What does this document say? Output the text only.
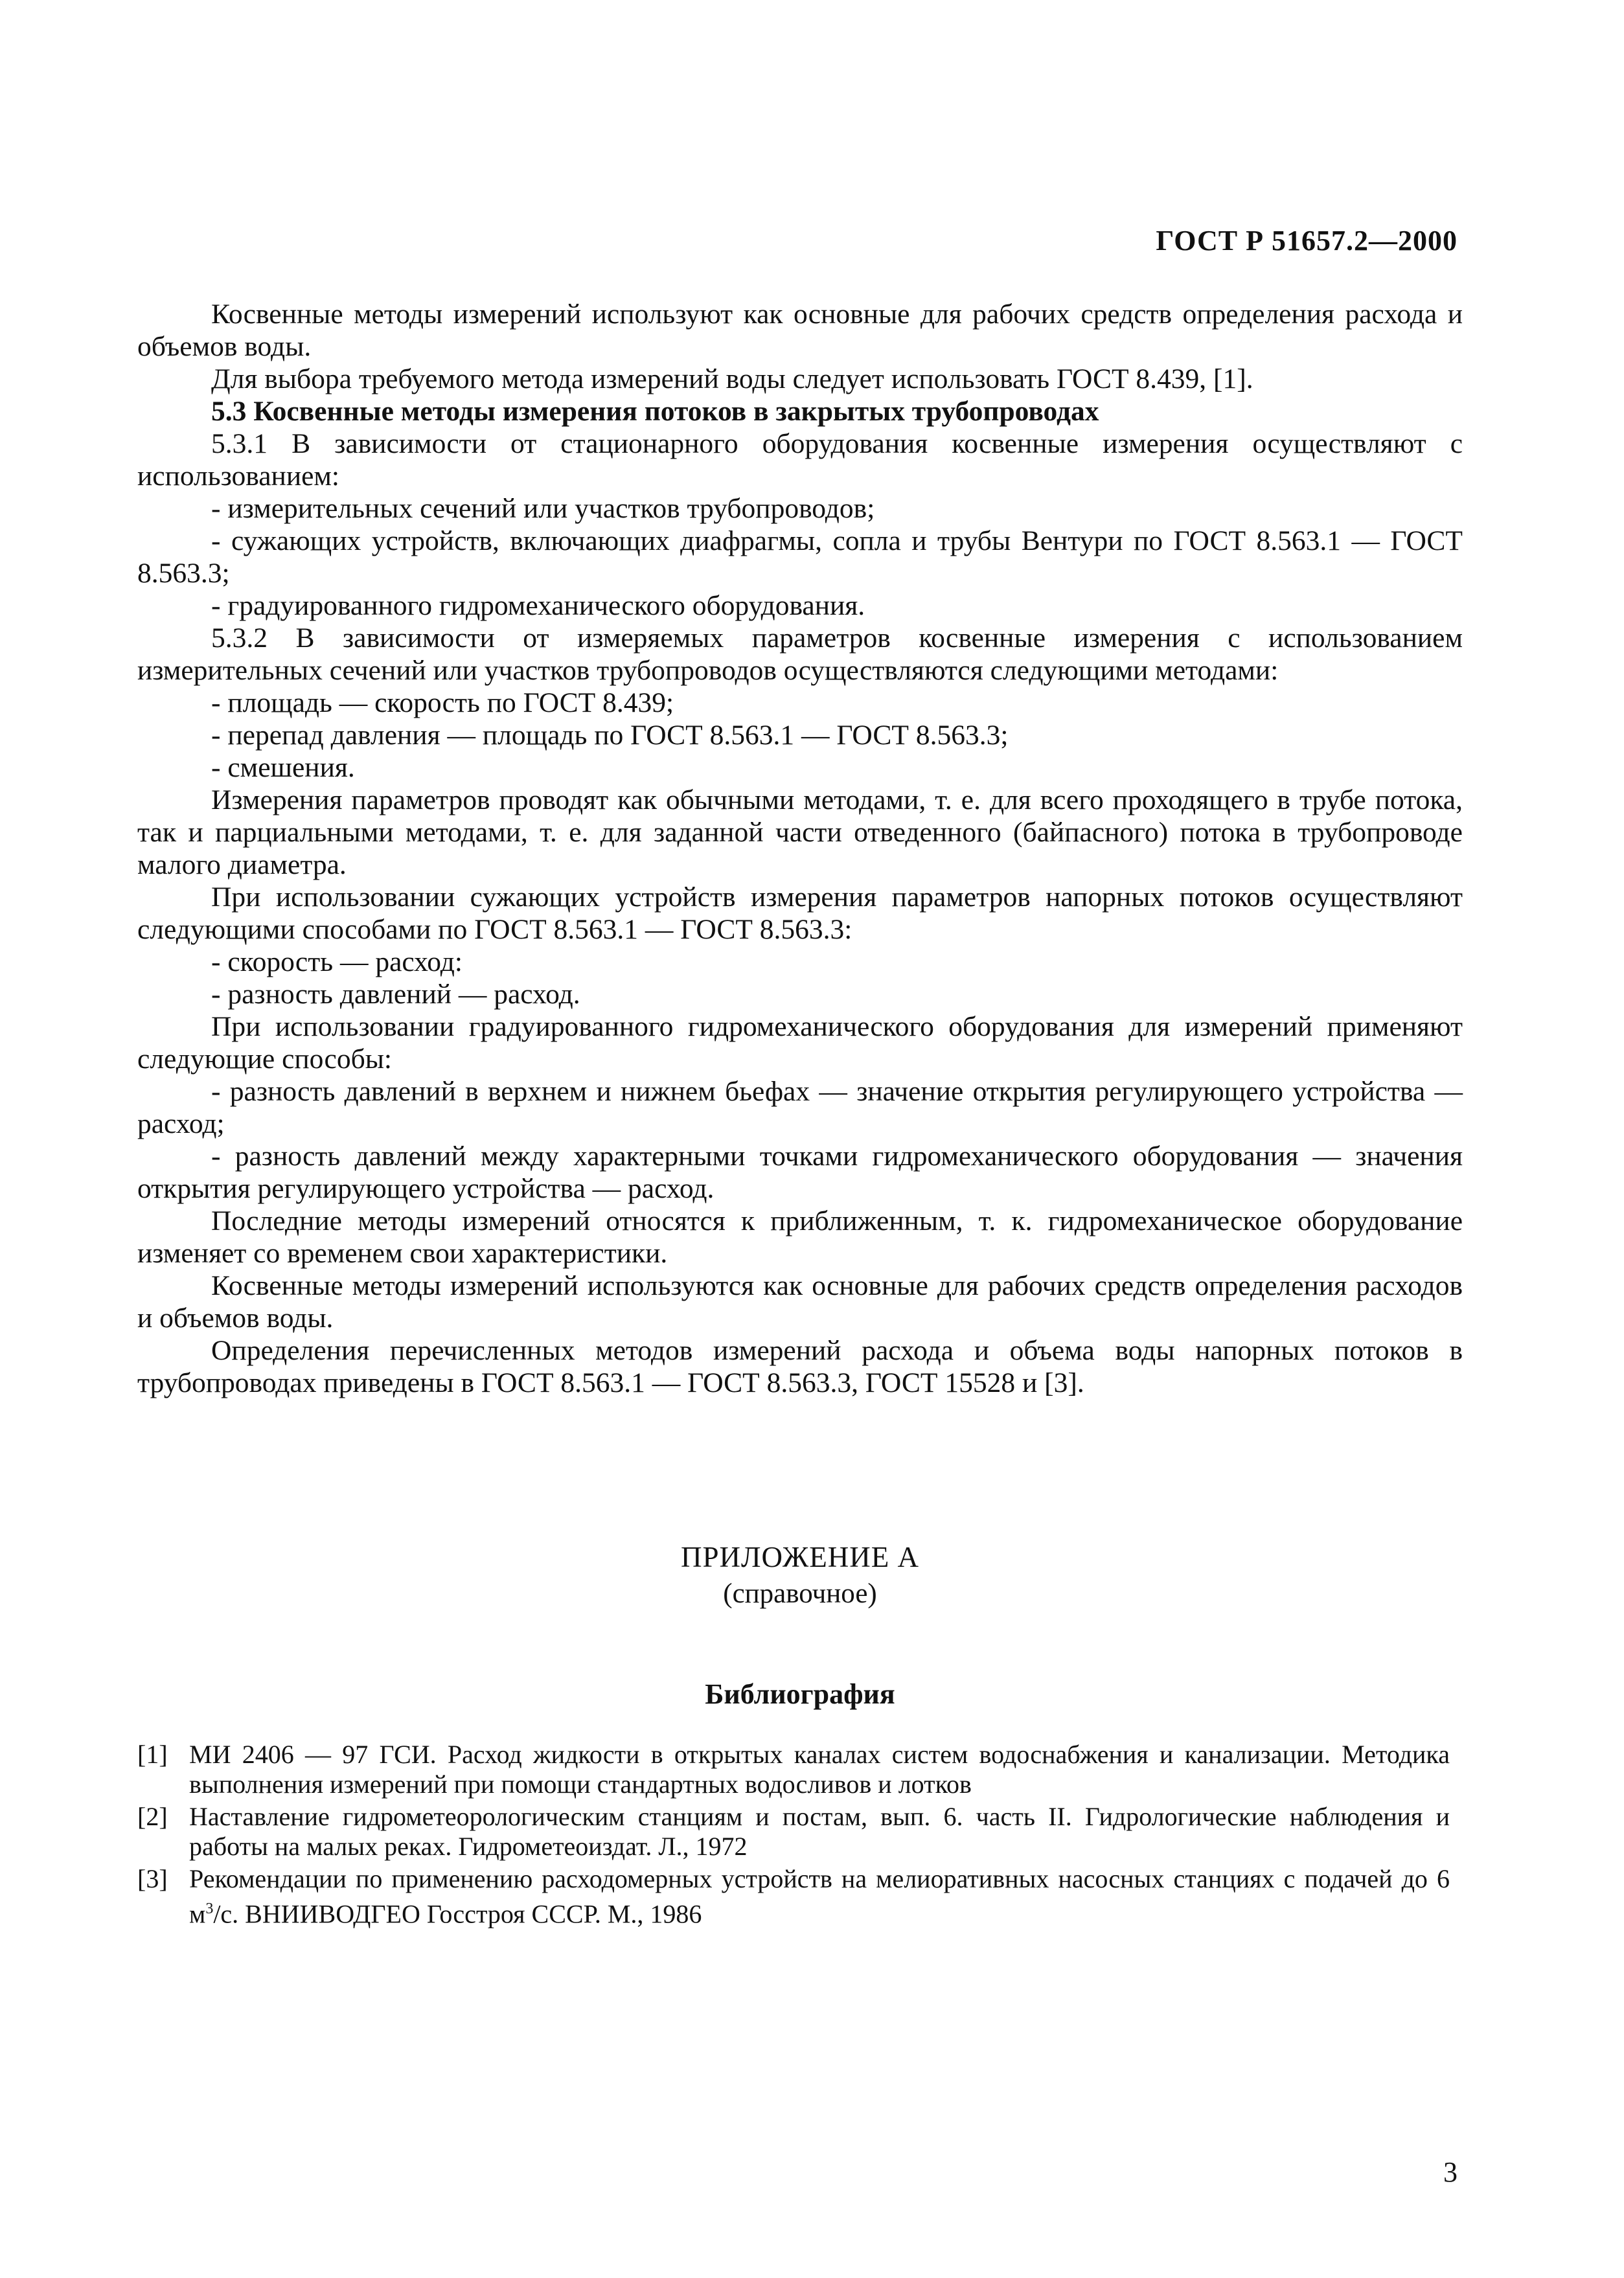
ГОСТ Р 51657.2—2000

Косвенные методы измерений используют как основные для рабочих средств определения расхода и объемов воды.

Для выбора требуемого метода измерений воды следует использовать ГОСТ 8.439, [1].

5.3 Косвенные методы измерения потоков в закрытых трубопроводах

5.3.1 В зависимости от стационарного оборудования косвенные измерения осуществляют с использованием:

- измерительных сечений или участков трубопроводов;

- сужающих устройств, включающих диафрагмы, сопла и трубы Вентури по ГОСТ 8.563.1 — ГОСТ 8.563.3;

- градуированного гидромеханического оборудования.

5.3.2 В зависимости от измеряемых параметров косвенные измерения с использованием измерительных сечений или участков трубопроводов осуществляются следующими методами:

- площадь — скорость по ГОСТ 8.439;

- перепад давления — площадь по ГОСТ 8.563.1 — ГОСТ 8.563.3;

- смешения.

Измерения параметров проводят как обычными методами, т. е. для всего проходящего в трубе потока, так и парциальными методами, т. е. для заданной части отведенного (байпасного) потока в трубопроводе малого диаметра.

При использовании сужающих устройств измерения параметров напорных потоков осуществляют следующими способами по ГОСТ 8.563.1 — ГОСТ 8.563.3:

- скорость — расход:

- разность давлений — расход.

При использовании градуированного гидромеханического оборудования для измерений применяют следующие способы:

- разность давлений в верхнем и нижнем бьефах — значение открытия регулирующего устройства — расход;

- разность давлений между характерными точками гидромеханического оборудования — значения открытия регулирующего устройства — расход.

Последние методы измерений относятся к приближенным, т. к. гидромеханическое оборудование изменяет со временем свои характеристики.

Косвенные методы измерений используются как основные для рабочих средств определения расходов и объемов воды.

Определения перечисленных методов измерений расхода и объема воды напорных потоков в трубопроводах приведены в ГОСТ 8.563.1 — ГОСТ 8.563.3, ГОСТ 15528 и [3].

ПРИЛОЖЕНИЕ А
(справочное)
Библиография
[1] МИ 2406 — 97 ГСИ. Расход жидкости в открытых каналах систем водоснабжения и канализации. Методика выполнения измерений при помощи стандартных водосливов и лотков
[2] Наставление гидрометеорологическим станциям и постам, вып. 6. часть II. Гидрологические наблюдения и работы на малых реках. Гидрометеоиздат. Л., 1972
[3] Рекомендации по применению расходомерных устройств на мелиоративных насосных станциях с подачей до 6 $м^3/с$. ВНИИВОДГЕО Госстроя СССР. М., 1986
3
